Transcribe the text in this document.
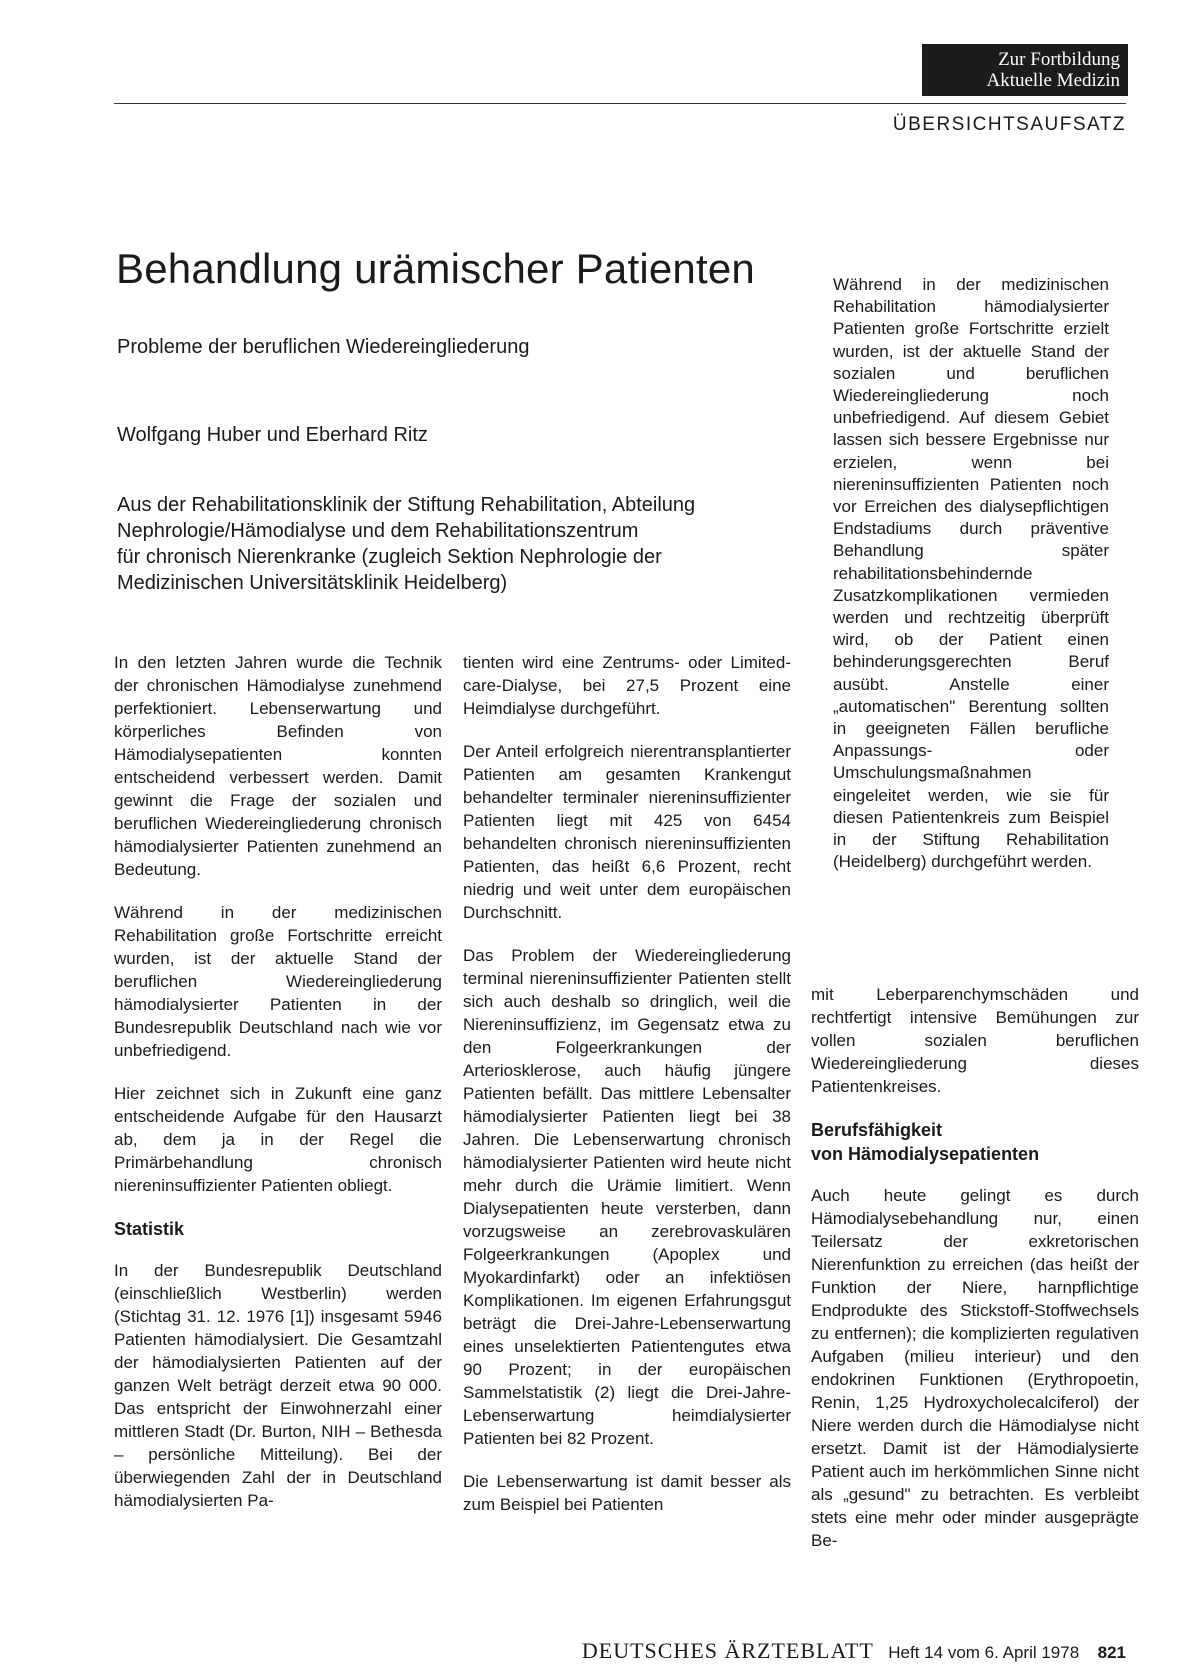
Zur Fortbildung
Aktuelle Medizin
ÜBERSICHTSAUFSATZ
Behandlung urämischer Patienten
Probleme der beruflichen Wiedereingliederung
Wolfgang Huber und Eberhard Ritz
Aus der Rehabilitationsklinik der Stiftung Rehabilitation, Abteilung
Nephrologie/Hämodialyse und dem Rehabilitationszentrum
für chronisch Nierenkranke (zugleich Sektion Nephrologie der
Medizinischen Universitätsklinik Heidelberg)
Während in der medizinischen Rehabilitation hämodialysierter Patienten große Fortschritte erzielt wurden, ist der aktuelle Stand der sozialen und beruflichen Wiedereingliederung noch unbefriedigend. Auf diesem Gebiet lassen sich bessere Ergebnisse nur erzielen, wenn bei niereninsuffizienten Patienten noch vor Erreichen des dialysepflichtigen Endstadiums durch präventive Behandlung später rehabilitationsbehindernde Zusatzkomplikationen vermieden werden und rechtzeitig überprüft wird, ob der Patient einen behinderungsgerechten Beruf ausübt. Anstelle einer „automatischen" Berentung sollten in geeigneten Fällen berufliche Anpassungs- oder Umschulungsmaßnahmen eingeleitet werden, wie sie für diesen Patientenkreis zum Beispiel in der Stiftung Rehabilitation (Heidelberg) durchgeführt werden.

In den letzten Jahren wurde die Technik der chronischen Hämodialyse zunehmend perfektioniert. Lebenserwartung und körperliches Befinden von Hämodialysepatienten konnten entscheidend verbessert werden. Damit gewinnt die Frage der sozialen und beruflichen Wiedereingliederung chronisch hämodialysierter Patienten zunehmend an Bedeutung.

Während in der medizinischen Rehabilitation große Fortschritte erreicht wurden, ist der aktuelle Stand der beruflichen Wiedereingliederung hämodialysierter Patienten in der Bundesrepublik Deutschland nach wie vor unbefriedigend.

Hier zeichnet sich in Zukunft eine ganz entscheidende Aufgabe für den Hausarzt ab, dem ja in der Regel die Primärbehandlung chronisch niereninsuffizienter Patienten obliegt.

Statistik

In der Bundesrepublik Deutschland (einschließlich Westberlin) werden (Stichtag 31. 12. 1976 [1]) insgesamt 5946 Patienten hämodialysiert. Die Gesamtzahl der hämodialysierten Patienten auf der ganzen Welt beträgt derzeit etwa 90 000. Das entspricht der Einwohnerzahl einer mittleren Stadt (Dr. Burton, NIH – Bethesda – persönliche Mitteilung). Bei der überwiegenden Zahl der in Deutschland hämodialysierten Pa-

tienten wird eine Zentrums- oder Limited-care-Dialyse, bei 27,5 Prozent eine Heimdialyse durchgeführt.

Der Anteil erfolgreich nierentransplantierter Patienten am gesamten Krankengut behandelter terminaler niereninsuffizienter Patienten liegt mit 425 von 6454 behandelten chronisch niereninsuffizienten Patienten, das heißt 6,6 Prozent, recht niedrig und weit unter dem europäischen Durchschnitt.

Das Problem der Wiedereingliederung terminal niereninsuffizienter Patienten stellt sich auch deshalb so dringlich, weil die Niereninsuffizienz, im Gegensatz etwa zu den Folgeerkrankungen der Arteriosklerose, auch häufig jüngere Patienten befällt. Das mittlere Lebensalter hämodialysierter Patienten liegt bei 38 Jahren. Die Lebenserwartung chronisch hämodialysierter Patienten wird heute nicht mehr durch die Urämie limitiert. Wenn Dialysepatienten heute versterben, dann vorzugsweise an zerebrovaskulären Folgeerkrankungen (Apoplex und Myokardinfarkt) oder an infektiösen Komplikationen. Im eigenen Erfahrungsgut beträgt die Drei-Jahre-Lebenserwartung eines unselektierten Patientengutes etwa 90 Prozent; in der europäischen Sammelstatistik (2) liegt die Drei-Jahre-Lebenserwartung heimdialysierter Patienten bei 82 Prozent.

Die Lebenserwartung ist damit besser als zum Beispiel bei Patienten

mit Leberparenchymschäden und rechtfertigt intensive Bemühungen zur vollen sozialen beruflichen Wiedereingliederung dieses Patientenkreises.

Berufsfähigkeit
von Hämodialysepatienten

Auch heute gelingt es durch Hämodialysebehandlung nur, einen Teilersatz der exkretorischen Nierenfunktion zu erreichen (das heißt der Funktion der Niere, harnpflichtige Endprodukte des Stickstoff-Stoffwechsels zu entfernen); die komplizierten regulativen Aufgaben (milieu interieur) und den endokrinen Funktionen (Erythropoetin, Renin, 1,25 Hydroxycholecalciferol) der Niere werden durch die Hämodialyse nicht ersetzt. Damit ist der Hämodialysierte Patient auch im herkömmlichen Sinne nicht als „gesund" zu betrachten. Es verbleibt stets eine mehr oder minder ausgeprägte Be-

DEUTSCHES ÄRZTEBLATT Heft 14 vom 6. April 1978 821
